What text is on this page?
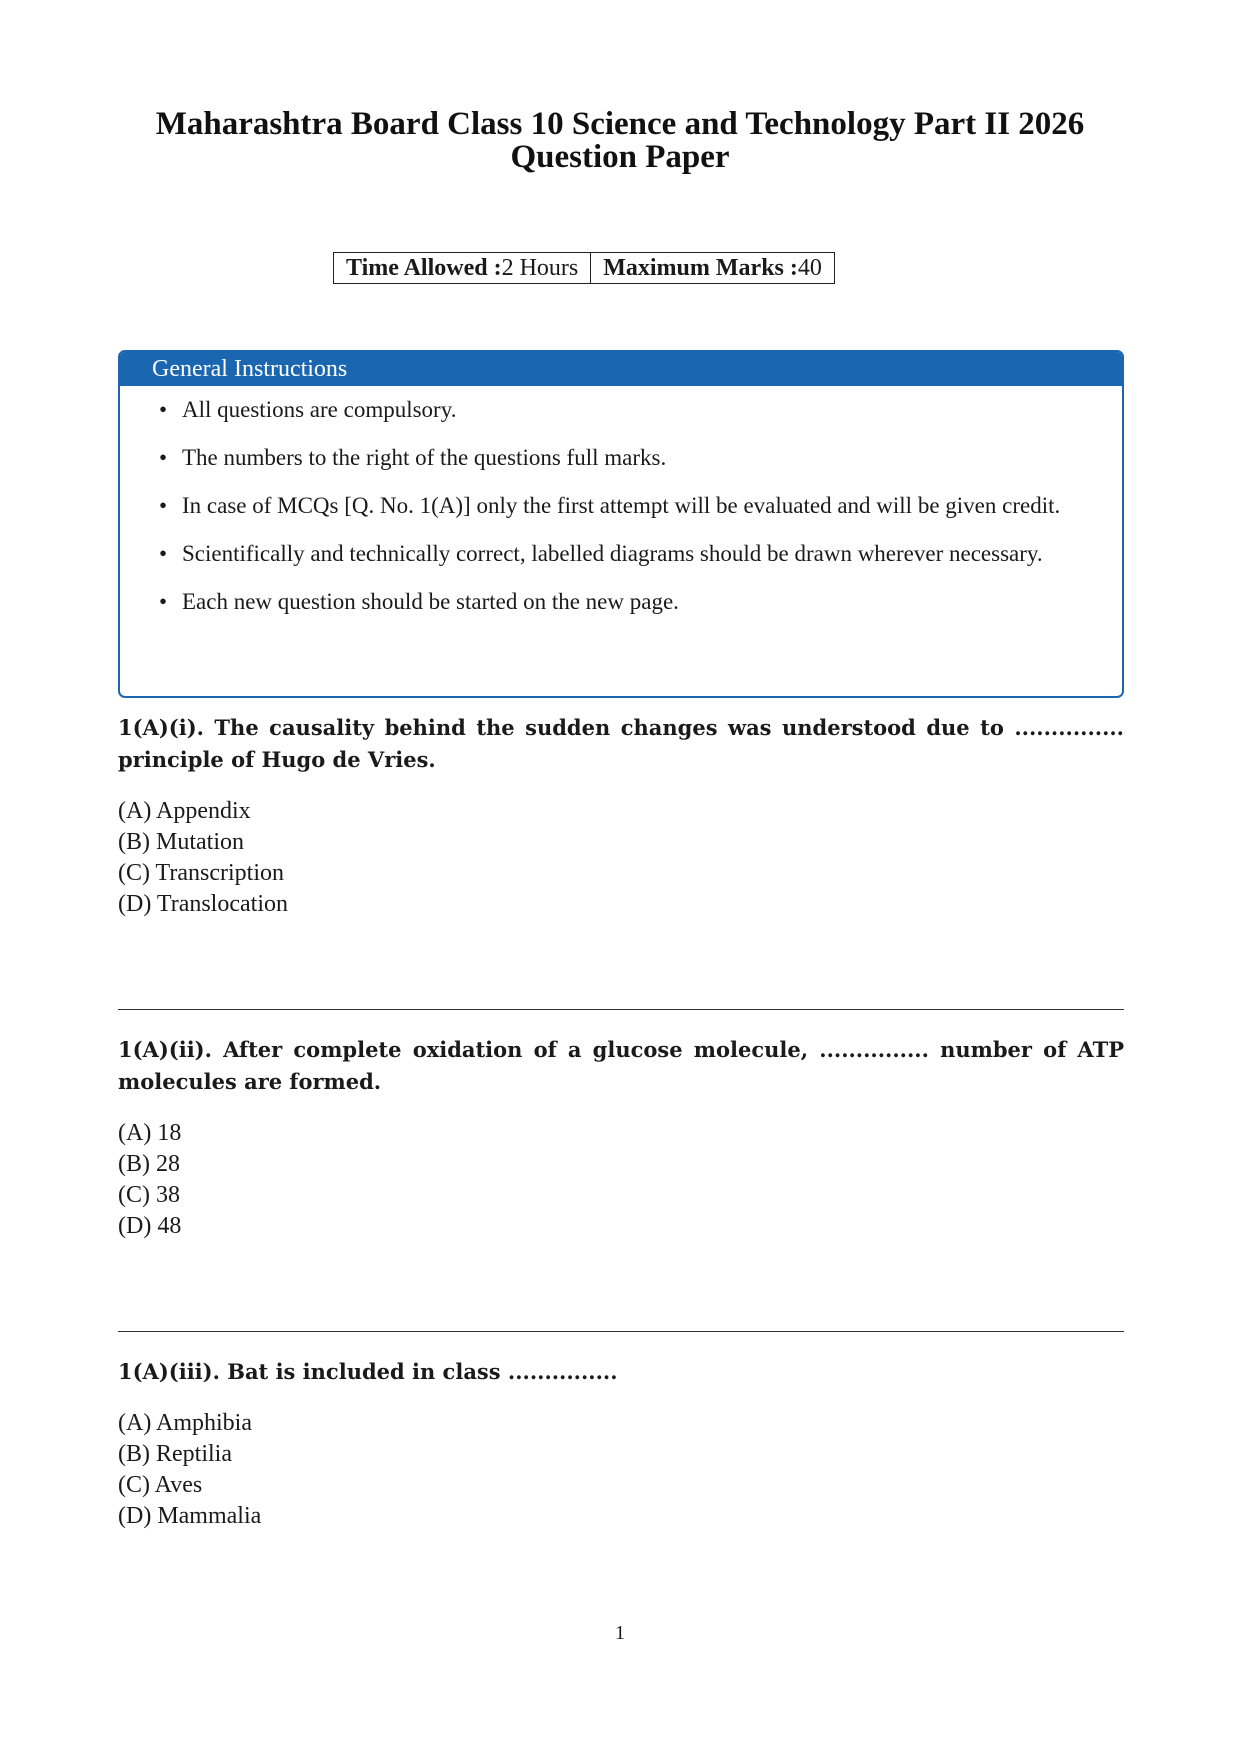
Maharashtra Board Class 10 Science and Technology Part II 2026
Question Paper
Time Allowed :2 Hours	Maximum Marks :40
General Instructions
• All questions are compulsory.
• The numbers to the right of the questions full marks.
• In case of MCQs [Q. No. 1(A)] only the first attempt will be evaluated and will be given credit.
• Scientifically and technically correct, labelled diagrams should be drawn wherever necessary.
• Each new question should be started on the new page.

1(A)(i). The causality behind the sudden changes was understood due to ............... principle of Hugo de Vries.

(A) Appendix
(B) Mutation
(C) Transcription
(D) Translocation

1(A)(ii). After complete oxidation of a glucose molecule, ............... number of ATP molecules are formed.

(A) 18
(B) 28
(C) 38
(D) 48

1(A)(iii). Bat is included in class ...............

(A) Amphibia
(B) Reptilia
(C) Aves
(D) Mammalia
1
